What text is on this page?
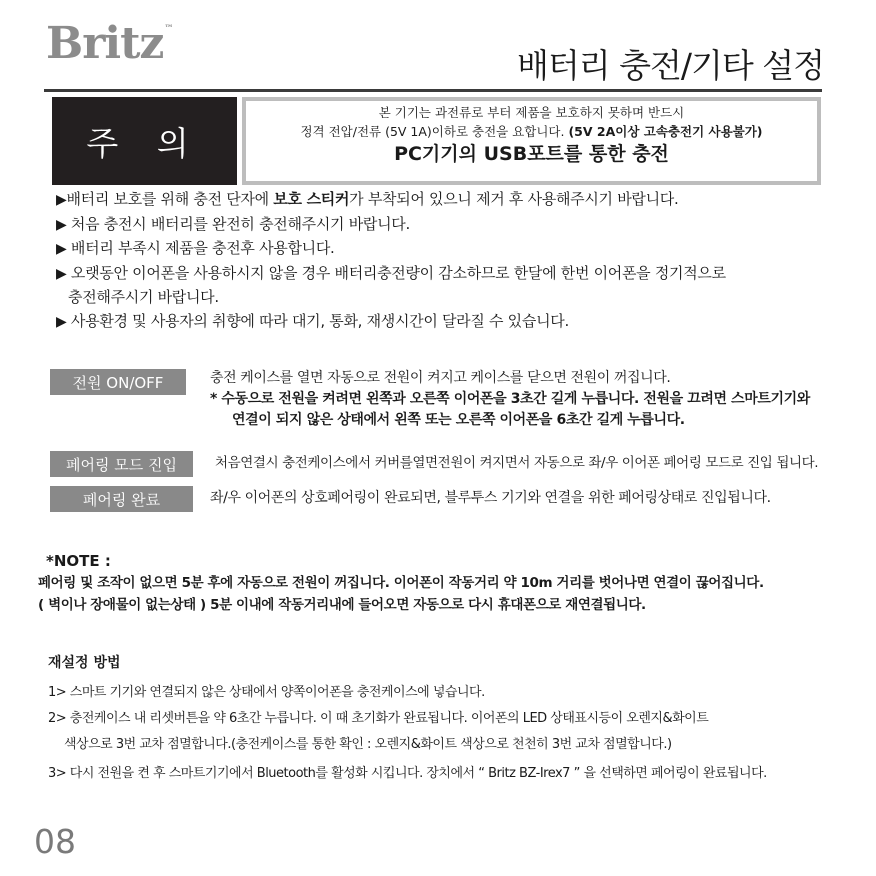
Britz™
배터리 충전/기타 설정
주 의
본 기기는 과전류로 부터 제품을 보호하지 못하며 반드시
정격 전압/전류 (5V 1A)이하로 충전을 요합니다. (5V 2A이상 고속충전기 사용불가)
PC기기의 USB포트를 통한 충전
▶배터리 보호를 위해 충전 단자에 보호 스티커가 부착되어 있으니 제거 후 사용해주시기 바랍니다.
▶ 처음 충전시 배터리를 완전히 충전해주시기 바랍니다.
▶ 배터리 부족시 제품을 충전후 사용합니다.
▶ 오랫동안 이어폰을 사용하시지 않을 경우 배터리충전량이 감소하므로 한달에 한번 이어폰을 정기적으로
충전해주시기 바랍니다.
▶ 사용환경 및 사용자의 취향에 따라 대기, 통화, 재생시간이 달라질 수 있습니다.
전원 ON/OFF	충전 케이스를 열면 자동으로 전원이 켜지고 케이스를 닫으면 전원이 꺼집니다.
* 수동으로 전원을 켜려면 왼쪽과 오른쪽 이어폰을 3초간 길게 누릅니다. 전원을 끄려면 스마트기기와
연결이 되지 않은 상태에서 왼쪽 또는 오른쪽 이어폰을 6초간 길게 누릅니다.
페어링 모드 진입	처음연결시 충전케이스에서 커버를열면전원이 켜지면서 자동으로 좌/우 이어폰 페어링 모드로 진입 됩니다.
페어링 완료	좌/우 이어폰의 상호페어링이 완료되면, 블루투스 기기와 연결을 위한 페어링상태로 진입됩니다.
*NOTE :
페어링 및 조작이 없으면 5분 후에 자동으로 전원이 꺼집니다. 이어폰이 작동거리 약 10m 거리를 벗어나면 연결이 끊어집니다.
( 벽이나 장애물이 없는상태 ) 5분 이내에 작동거리내에 들어오면 자동으로 다시 휴대폰으로 재연결됩니다.
재설정 방법
1> 스마트 기기와 연결되지 않은 상태에서 양쪽이어폰을 충전케이스에 넣습니다.
2> 충전케이스 내 리셋버튼을 약 6초간 누릅니다. 이 때 초기화가 완료됩니다. 이어폰의 LED 상태표시등이 오렌지&화이트
색상으로 3번 교차 점멸합니다.(충전케이스를 통한 확인 : 오렌지&화이트 색상으로 천천히 3번 교차 점멸합니다.)
3> 다시 전원을 켠 후 스마트기기에서 Bluetooth를 활성화 시킵니다. 장치에서 “ Britz BZ-Irex7 ” 을 선택하면 페어링이 완료됩니다.
08
